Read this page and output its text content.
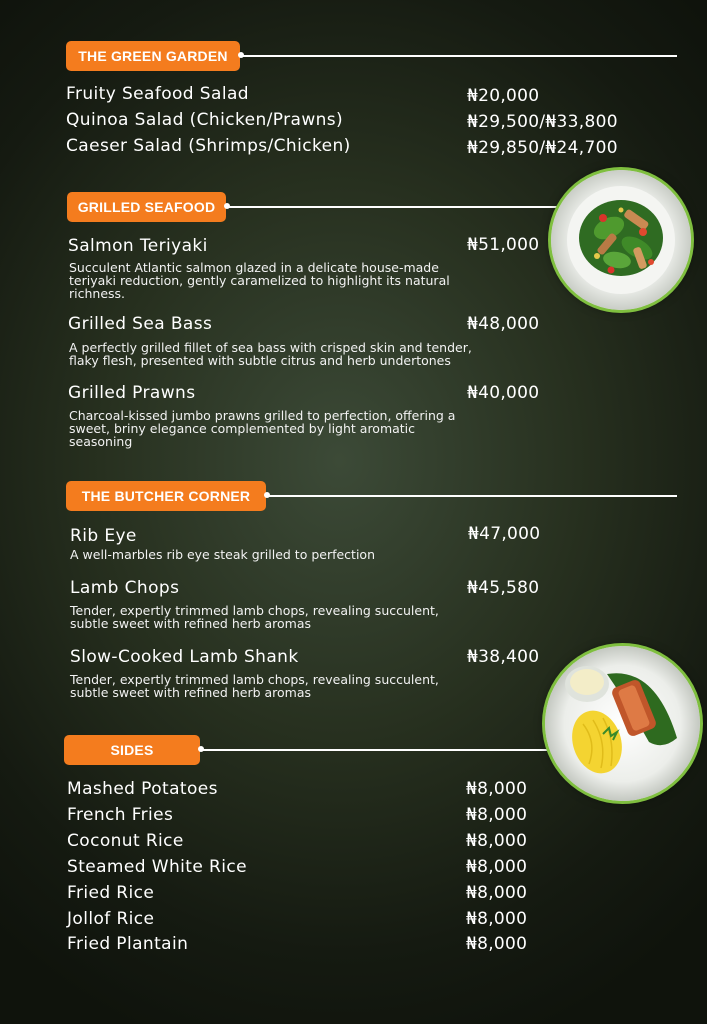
THE GREEN GARDEN
Fruity Seafood Salad	₦20,000
Quinoa Salad (Chicken/Prawns)	₦29,500/₦33,800
Caeser Salad (Shrimps/Chicken)	₦29,850/₦24,700
GRILLED SEAFOOD
Salmon Teriyaki	₦51,000
Succulent Atlantic salmon glazed in a delicate house-made teriyaki reduction, gently caramelized to highlight its natural richness.
Grilled Sea Bass	₦48,000
A perfectly grilled fillet of sea bass with crisped skin and tender, flaky flesh, presented with subtle citrus and herb undertones
Grilled Prawns	₦40,000
Charcoal-kissed jumbo prawns grilled to perfection, offering a sweet, briny elegance complemented by light aromatic seasoning
THE BUTCHER CORNER
Rib Eye	₦47,000
A well-marbles rib eye steak grilled to perfection
Lamb Chops	₦45,580
Tender, expertly trimmed lamb chops, revealing succulent, subtle sweet with refined herb aromas
Slow-Cooked Lamb Shank	₦38,400
Tender, expertly trimmed lamb chops, revealing succulent, subtle sweet with refined herb aromas
SIDES
Mashed Potatoes	₦8,000
French Fries	₦8,000
Coconut Rice	₦8,000
Steamed White Rice	₦8,000
Fried Rice	₦8,000
Jollof Rice	₦8,000
Fried Plantain	₦8,000
